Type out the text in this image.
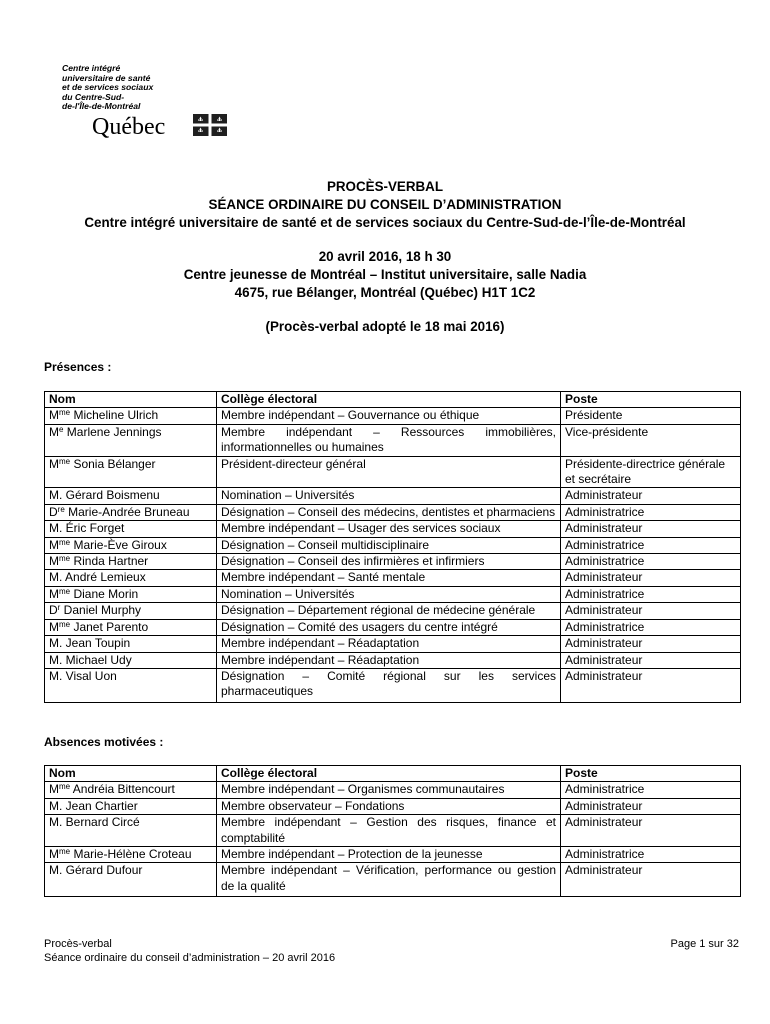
Centre intégré
universitaire de santé
et de services sociaux
du Centre-Sud-
de-l'Île-de-Montréal
Québec
PROCÈS-VERBAL
SÉANCE ORDINAIRE DU CONSEIL D’ADMINISTRATION
Centre intégré universitaire de santé et de services sociaux du Centre-Sud-de-l’Île-de-Montréal
20 avril 2016, 18 h 30
Centre jeunesse de Montréal – Institut universitaire, salle Nadia
4675, rue Bélanger, Montréal (Québec) H1T 1C2
(Procès-verbal adopté le 18 mai 2016)
Présences :
Nom	Collège électoral	Poste
$M^{me}$ Micheline Ulrich	Membre indépendant – Gouvernance ou éthique	Présidente
Me Marlene Jennings	Membre indépendant – Ressources immobilières, informationnelles ou humaines	Vice-présidente
$M^{me}$ Sonia Bélanger	Président-directeur général	Présidente-directrice générale et secrétaire
M. Gérard Boismenu	Nomination – Universités	Administrateur
Dre Marie-Andrée Bruneau	Désignation – Conseil des médecins, dentistes et pharmaciens	Administratrice
M. Éric Forget	Membre indépendant – Usager des services sociaux	Administrateur
$M^{me}$ Marie-Ève Giroux	Désignation – Conseil multidisciplinaire	Administratrice
$M^{me}$ Rinda Hartner	Désignation – Conseil des infirmières et infirmiers	Administratrice
M. André Lemieux	Membre indépendant – Santé mentale	Administrateur
$M^{me}$ Diane Morin	Nomination – Universités	Administratrice
$D^r$ Daniel Murphy	Désignation – Département régional de médecine générale	Administrateur
$M^{me}$ Janet Parento	Désignation – Comité des usagers du centre intégré	Administratrice
M. Jean Toupin	Membre indépendant – Réadaptation	Administrateur
M. Michael Udy	Membre indépendant – Réadaptation	Administrateur
M. Visal Uon	Désignation – Comité régional sur les services pharmaceutiques	Administrateur
Absences motivées :
Nom	Collège électoral	Poste
$M^{me}$ Andréia Bittencourt	Membre indépendant – Organismes communautaires	Administratrice
M. Jean Chartier	Membre observateur – Fondations	Administrateur
M. Bernard Circé	Membre indépendant – Gestion des risques, finance et comptabilité	Administrateur
$M^{me}$ Marie-Hélène Croteau	Membre indépendant – Protection de la jeunesse	Administratrice
M. Gérard Dufour	Membre indépendant – Vérification, performance ou gestion de la qualité	Administrateur
Procès-verbal
Séance ordinaire du conseil d’administration – 20 avril 2016
Page 1 sur 32
